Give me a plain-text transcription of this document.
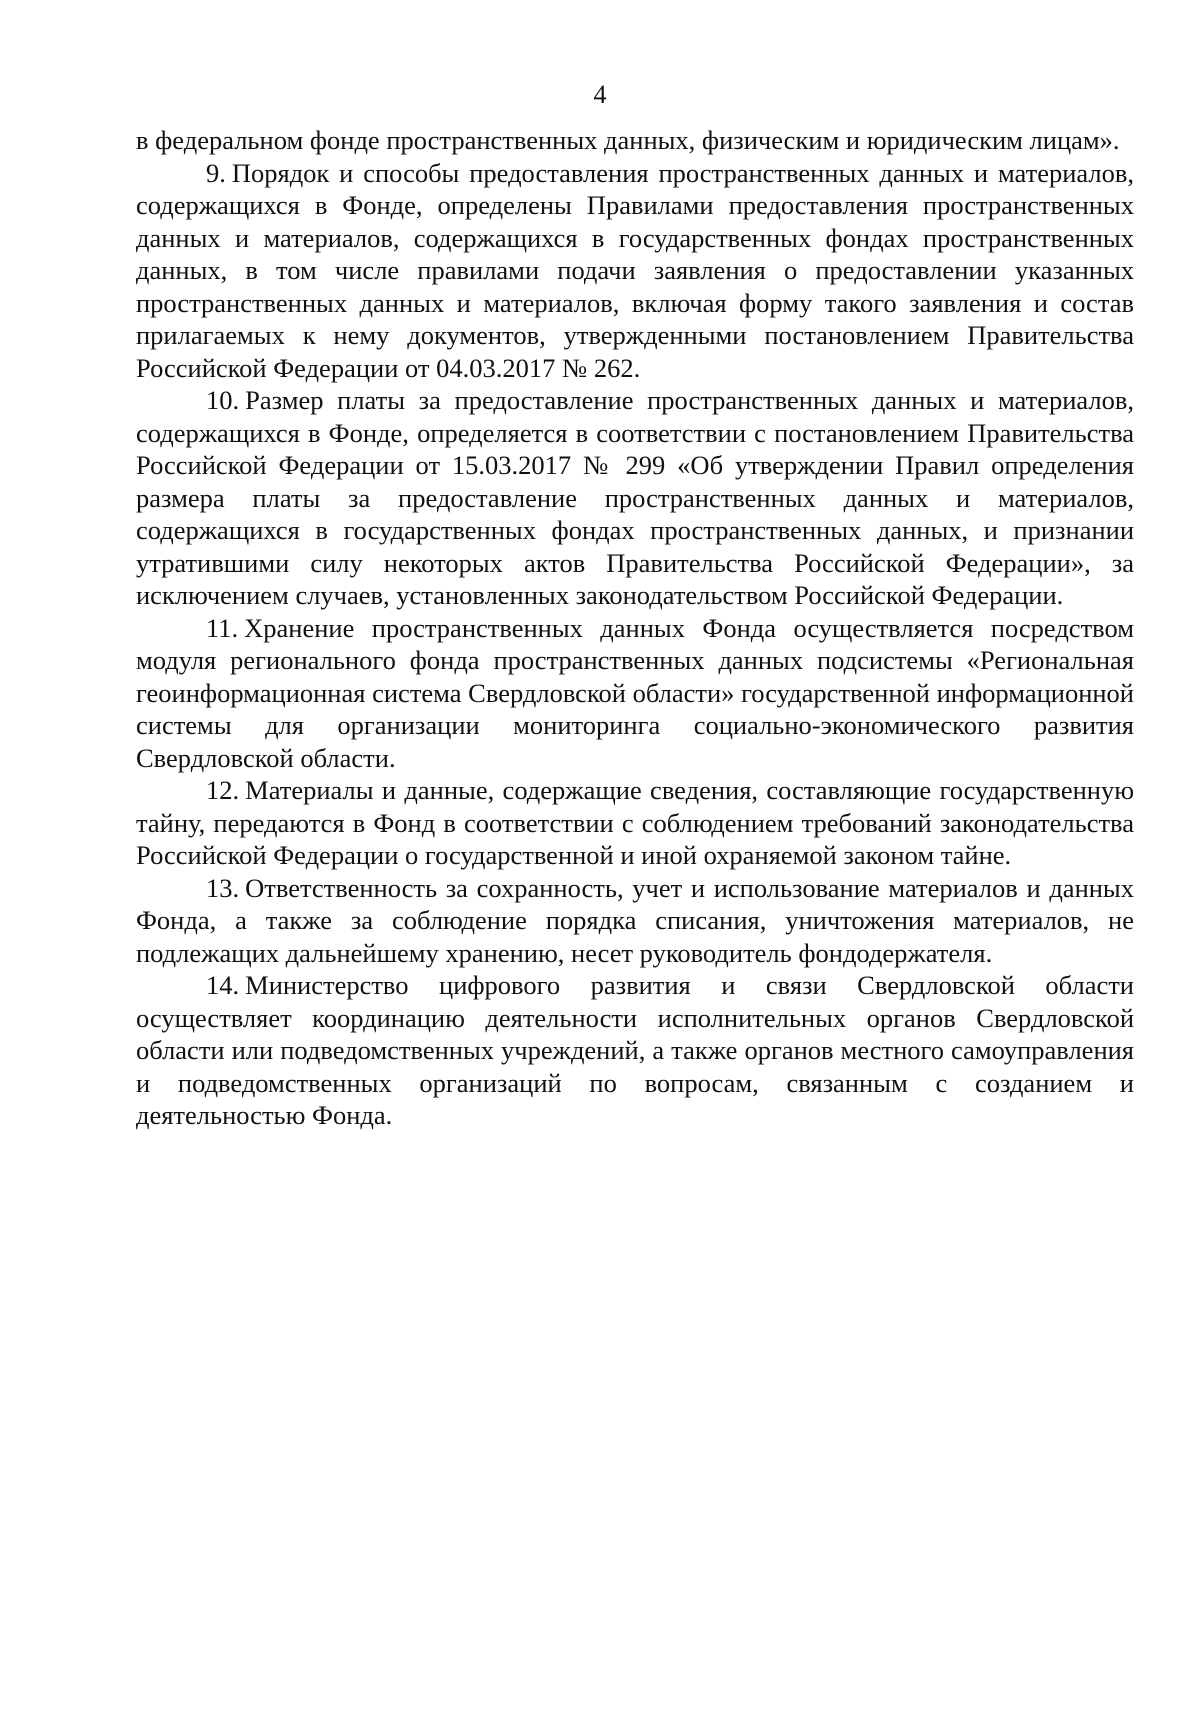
4

в федеральном фонде пространственных данных, физическим и юридическим лицам».

9. Порядок и способы предоставления пространственных данных и материалов, содержащихся в Фонде, определены Правилами предоставления пространственных данных и материалов, содержащихся в государственных фондах пространственных данных, в том числе правилами подачи заявления о предоставлении указанных пространственных данных и материалов, включая форму такого заявления и состав прилагаемых к нему документов, утвержденными постановлением Правительства Российской Федерации от 04.03.2017 № 262.

10. Размер платы за предоставление пространственных данных и материалов, содержащихся в Фонде, определяется в соответствии с постановлением Правительства Российской Федерации от 15.03.2017 № 299 «Об утверждении Правил определения размера платы за предоставление пространственных данных и материалов, содержащихся в государственных фондах пространственных данных, и признании утратившими силу некоторых актов Правительства Российской Федерации», за исключением случаев, установленных законодательством Российской Федерации.

11. Хранение пространственных данных Фонда осуществляется посредством модуля регионального фонда пространственных данных подсистемы «Региональная геоинформационная система Свердловской области» государственной информационной системы для организации мониторинга социально-экономического развития Свердловской области.

12. Материалы и данные, содержащие сведения, составляющие государственную тайну, передаются в Фонд в соответствии с соблюдением требований законодательства Российской Федерации о государственной и иной охраняемой законом тайне.

13. Ответственность за сохранность, учет и использование материалов и данных Фонда, а также за соблюдение порядка списания, уничтожения материалов, не подлежащих дальнейшему хранению, несет руководитель фондодержателя.

14. Министерство цифрового развития и связи Свердловской области осуществляет координацию деятельности исполнительных органов Свердловской области или подведомственных учреждений, а также органов местного самоуправления и подведомственных организаций по вопросам, связанным с созданием и деятельностью Фонда.
